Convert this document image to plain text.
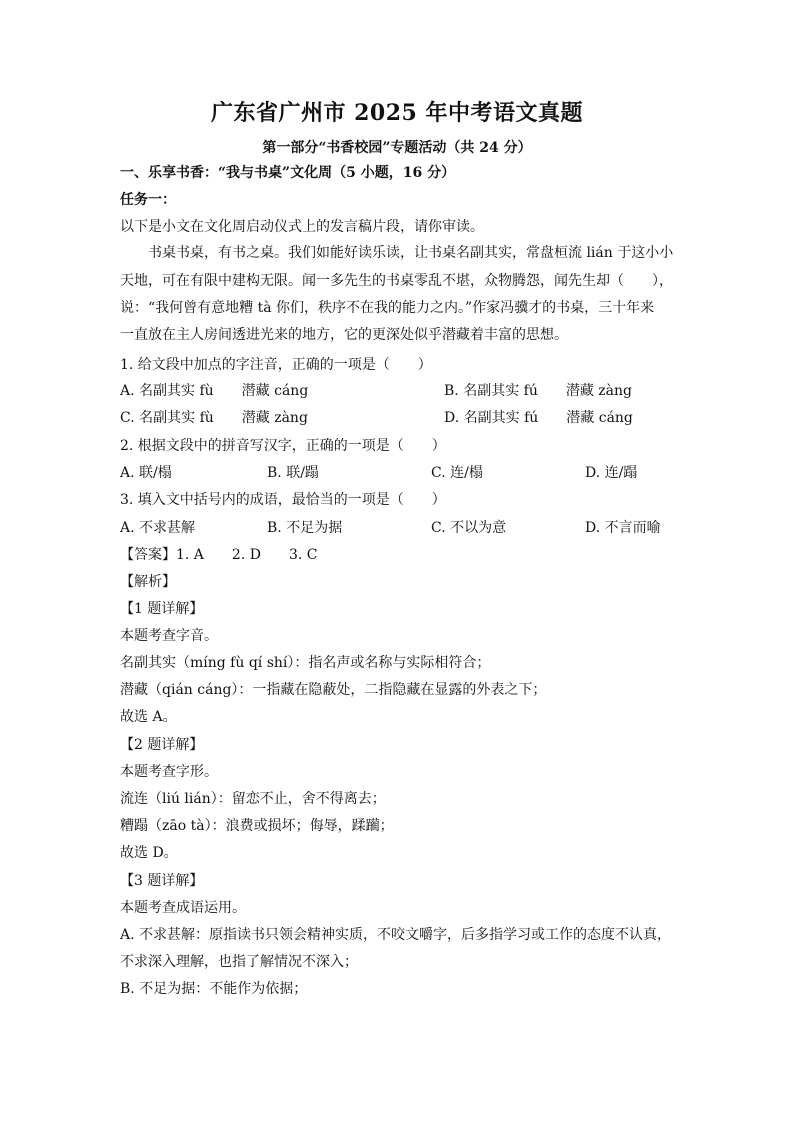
广东省广州市 2025 年中考语文真题
第一部分“书香校园”专题活动（共 24 分）
一、乐享书香：“我与书桌”文化周（5 小题，16 分）
任务一：
以下是小文在文化周启动仪式上的发言稿片段，请你审读。
书桌书桌，有书之桌。我们如能好读乐读，让书桌名副其实，常盘桓流 lián 于这小小
天地，可在有限中建构无限。闻一多先生的书桌零乱不堪，众物腾怨，闻先生却（　　），
说：“我何曾有意地糟 tà 你们，秩序不在我的能力之内。”作家冯骥才的书桌，三十年来
一直放在主人房间透进光来的地方，它的更深处似乎潜藏着丰富的思想。
1. 给文段中加点的字注音，正确的一项是（　　）
A. 名副其实 fù　　潜藏 cáng	B. 名副其实 fú　　潜藏 zàng
C. 名副其实 fù　　潜藏 zàng	D. 名副其实 fú　　潜藏 cáng
2. 根据文段中的拼音写汉字，正确的一项是（　　）
A. 联/榻	B. 联/蹋	C. 连/榻	D. 连/蹋
3. 填入文中括号内的成语，最恰当的一项是（　　）
A. 不求甚解	B. 不足为据	C. 不以为意	D. 不言而喻
【答案】1. A　　2. D　　3. C
【解析】
【1 题详解】
本题考查字音。
名副其实（míng fù qí shí）：指名声或名称与实际相符合；
潜藏（qián cáng）：一指藏在隐蔽处，二指隐藏在显露的外表之下；
故选 A。
【2 题详解】
本题考查字形。
流连（liú lián）：留恋不止，舍不得离去；
糟蹋（zāo tà）：浪费或损坏；侮辱，蹂躏；
故选 D。
【3 题详解】
本题考查成语运用。
A. 不求甚解：原指读书只领会精神实质，不咬文嚼字，后多指学习或工作的态度不认真，
不求深入理解，也指了解情况不深入；
B. 不足为据：不能作为依据；
